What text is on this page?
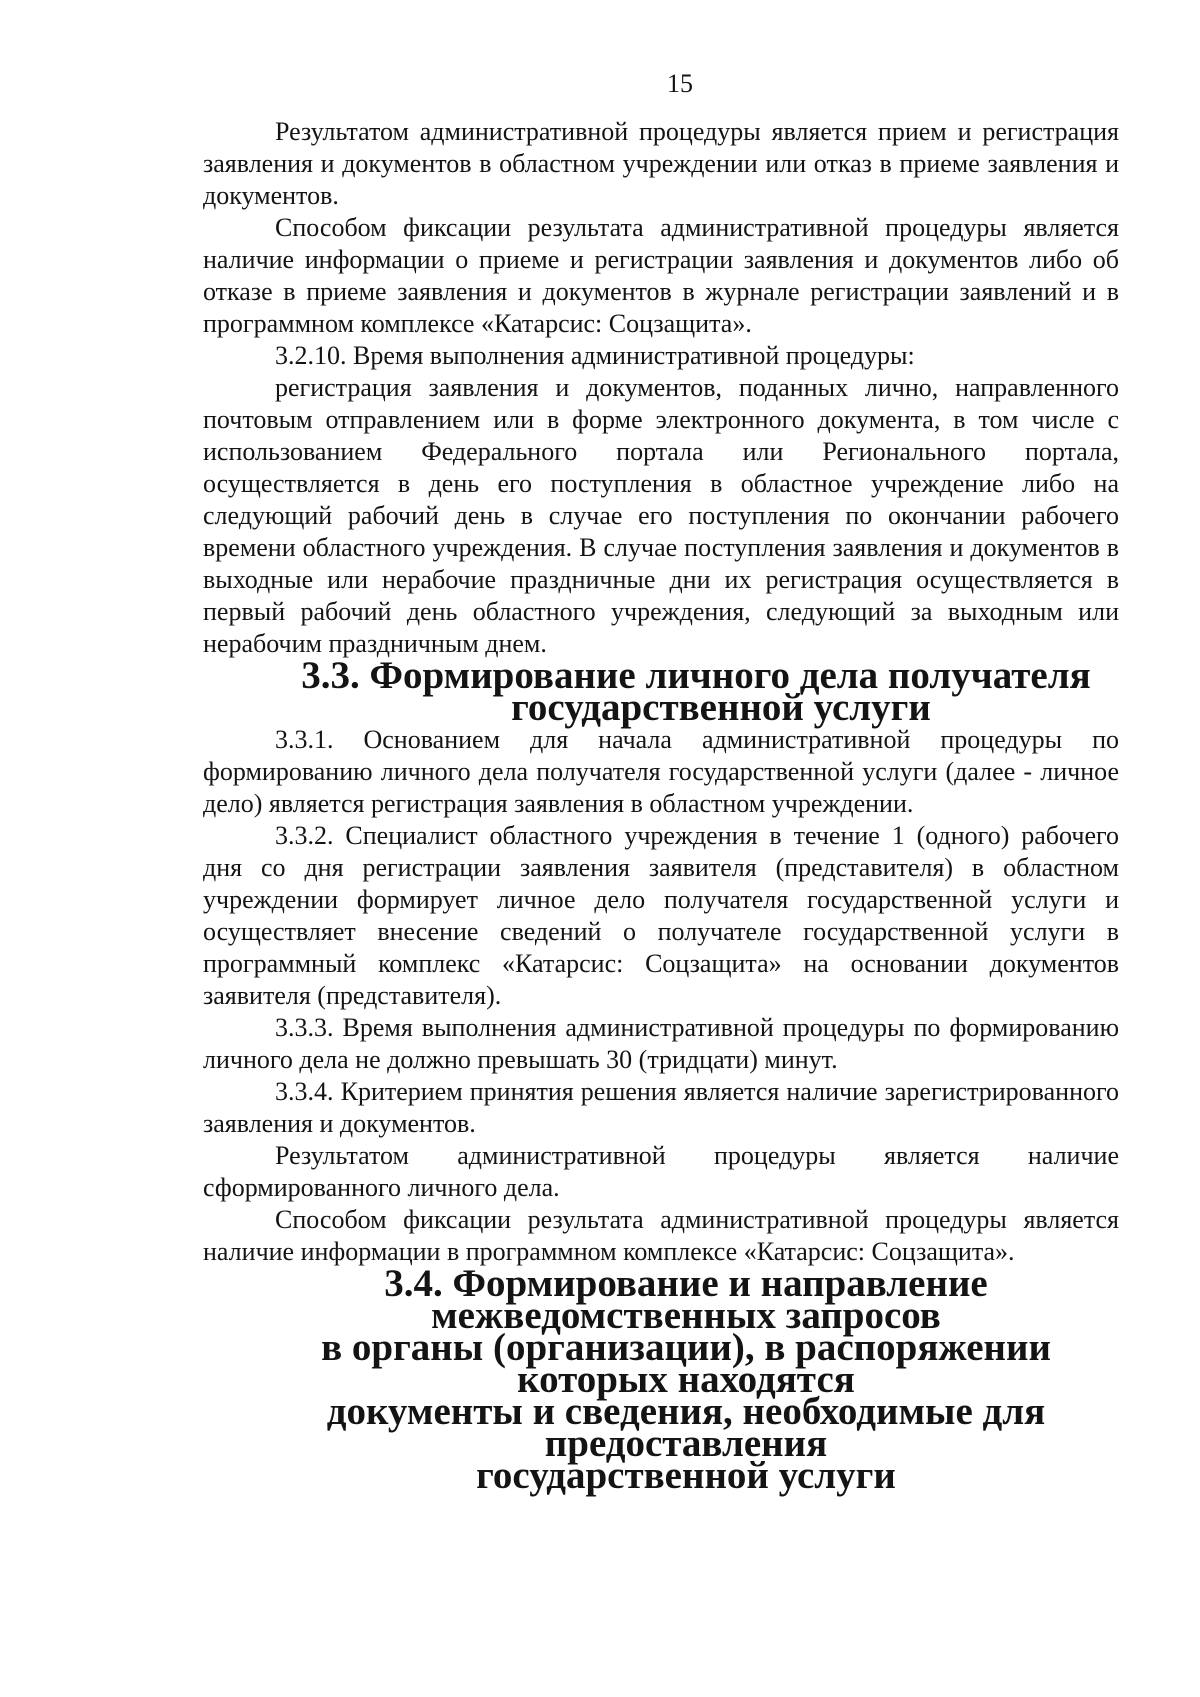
15

Результатом административной процедуры является прием и регистрация заявления и документов в областном учреждении или отказ в приеме заявления и документов.

Способом фиксации результата административной процедуры является наличие информации о приеме и регистрации заявления и документов либо об отказе в приеме заявления и документов в журнале регистрации заявлений и в программном комплексе «Катарсис: Соцзащита».

3.2.10. Время выполнения административной процедуры:

регистрация заявления и документов, поданных лично, направленного почтовым отправлением или в форме электронного документа, в том числе с использованием Федерального портала или Регионального портала, осуществляется в день его поступления в областное учреждение либо на следующий рабочий день в случае его поступления по окончании рабочего времени областного учреждения. В случае поступления заявления и документов в выходные или нерабочие праздничные дни их регистрация осуществляется в первый рабочий день областного учреждения, следующий за выходным или нерабочим праздничным днем.

3.3. Формирование личного дела получателя
государственной услуги

3.3.1. Основанием для начала административной процедуры по формированию личного дела получателя государственной услуги (далее - личное дело) является регистрация заявления в областном учреждении.

3.3.2. Специалист областного учреждения в течение 1 (одного) рабочего дня со дня регистрации заявления заявителя (представителя) в областном учреждении формирует личное дело получателя государственной услуги и осуществляет внесение сведений о получателе государственной услуги в программный комплекс «Катарсис: Соцзащита» на основании документов заявителя (представителя).

3.3.3. Время выполнения административной процедуры по формированию личного дела не должно превышать 30 (тридцати) минут.

3.3.4. Критерием принятия решения является наличие зарегистрированного заявления и документов.

Результатом административной процедуры является наличие сформированного личного дела.

Способом фиксации результата административной процедуры является наличие информации в программном комплексе «Катарсис: Соцзащита».

3.4. Формирование и направление межведомственных запросов
в органы (организации), в распоряжении которых находятся
документы и сведения, необходимые для предоставления
государственной услуги
